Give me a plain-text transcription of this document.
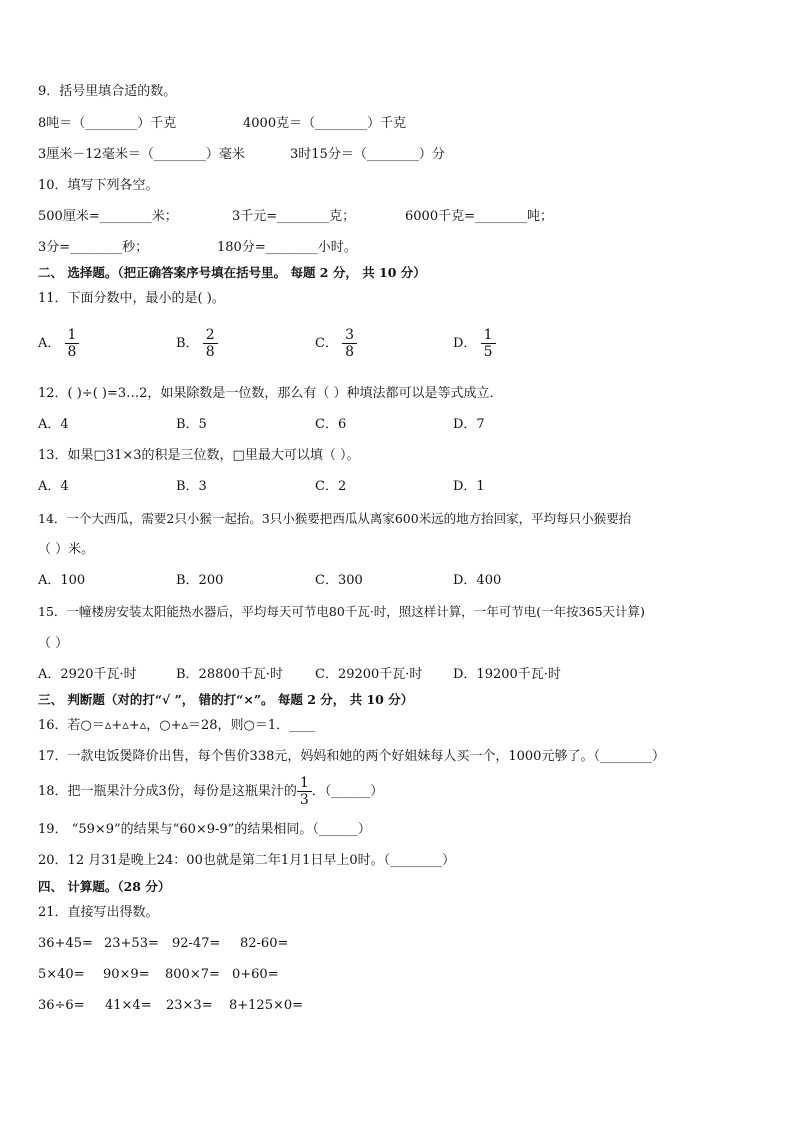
9．括号里填合适的数。
8吨＝（________）千克	4000克＝（________）千克
3厘米－12毫米＝（________）毫米	3时15分＝（________）分
10．填写下列各空。
500厘米=________米；	3千元=________克；	6000千克=________吨；
3分=________秒；	180分=________小时。
二、 选择题。（把正确答案序号填在括号里。 每题 2 分， 共 10 分）
11．下面分数中，最小的是( )。
A． $\frac{1}{8}$	B． $\frac{2}{8}$	C． $\frac{3}{8}$	D． $\frac{1}{5}$
12．( )÷( )=3…2，如果除数是一位数，那么有（ ）种填法都可以是等式成立．
A．4	B．5	C．6	D．7
13．如果□31×3的积是三位数，□里最大可以填（ ）。
A．4	B．3	C．2	D．1
14．一个大西瓜，需要2只小猴一起抬。3只小猴要把西瓜从离家600米远的地方抬回家，平均每只小猴要抬
（ ）米。
A．100	B．200	C．300	D．400
15．一幢楼房安装太阳能热水器后，平均每天可节电80千瓦·时，照这样计算，一年可节电(一年按365天计算)
（ ）
A．2920千瓦·时	B．28800千瓦·时 C．29200千瓦·时 D．19200千瓦·时
三、 判断题（对的打“√ ”， 错的打“×”。 每题 2 分， 共 10 分）
16．若○＝▵+▵+▵，○+▵＝28，则○＝1．____
17．一款电饭煲降价出售，每个售价338元，妈妈和她的两个好姐妹每人买一个，1000元够了。（________）
18．把一瓶果汁分成3份，每份是这瓶果汁的 $\frac{1}{3}$ ．（______）
19． “59×9”的结果与“60×9-9”的结果相同。（______）
20．12 月31是晚上24：00也就是第二年1月1日早上0时。（________）
四、 计算题。（28 分）
21．直接写出得数。
36+45= 23+53= 92-47= 82-60=
5×40= 90×9= 800×7= 0+60=
36÷6= 41×4= 23×3= 8+125×0=
